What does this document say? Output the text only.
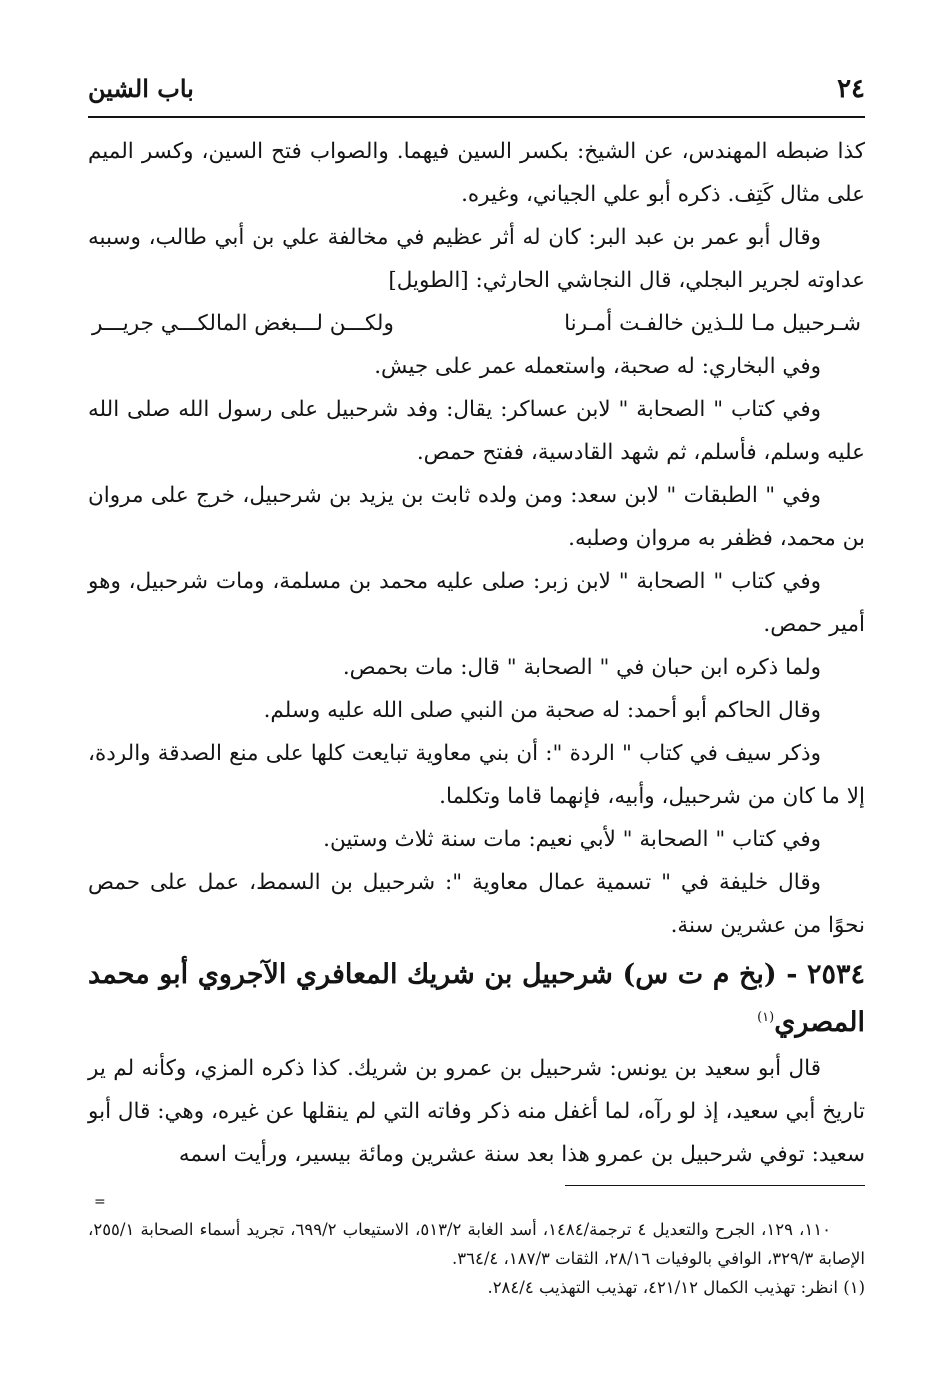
٢٤
باب الشين

كذا ضبطه المهندس، عن الشيخ: بكسر السين فيهما. والصواب فتح السين، وكسر الميم على مثال كَتِف. ذكره أبو علي الجياني، وغيره.

وقال أبو عمر بن عبد البر: كان له أثر عظيم في مخالفة علي بن أبي طالب، وسببه عداوته لجرير البجلي، قال النجاشي الحارثي: [الطويل]

شـرحبيل مـا للـذين خالفـت أمـرنا
ولكـــن لـــبغض المالكـــي جريـــر

وفي البخاري: له صحبة، واستعمله عمر على جيش.

وفي كتاب " الصحابة " لابن عساكر: يقال: وفد شرحبيل على رسول الله صلى الله عليه وسلم، فأسلم، ثم شهد القادسية، ففتح حمص.

وفي " الطبقات " لابن سعد: ومن ولده ثابت بن يزيد بن شرحبيل، خرج على مروان بن محمد، فظفر به مروان وصلبه.

وفي كتاب " الصحابة " لابن زبر: صلى عليه محمد بن مسلمة، ومات شرحبيل، وهو أمير حمص.

ولما ذكره ابن حبان في " الصحابة " قال: مات بحمص.

وقال الحاكم أبو أحمد: له صحبة من النبي صلى الله عليه وسلم.

وذكر سيف في كتاب " الردة ": أن بني معاوية تبايعت كلها على منع الصدقة والردة، إلا ما كان من شرحبيل، وأبيه، فإنهما قاما وتكلما.

وفي كتاب " الصحابة " لأبي نعيم: مات سنة ثلاث وستين.

وقال خليفة في " تسمية عمال معاوية ": شرحبيل بن السمط، عمل على حمص نحوًا من عشرين سنة.

٢٥٣٤ - (بخ م ت س) شرحبيل بن شريك المعافري الآجروي أبو محمد المصري$^{(١)}$

قال أبو سعيد بن يونس: شرحبيل بن عمرو بن شريك. كذا ذكره المزي، وكأنه لم ير تاريخ أبي سعيد، إذ لو رآه، لما أغفل منه ذكر وفاته التي لم ينقلها عن غيره، وهي: قال أبو سعيد: توفي شرحبيل بن عمرو هذا بعد سنة عشرين ومائة بيسير، ورأيت اسمه

=

١١٠، ١٢٩، الجرح والتعديل ٤ ترجمة/١٤٨٤، أسد الغابة ٥١٣/٢، الاستيعاب ٦٩٩/٢، تجريد أسماء الصحابة ٢٥٥/١، الإصابة ٣٢٩/٣، الوافي بالوفيات ٢٨/١٦، الثقات ١٨٧/٣، ٣٦٤/٤.

(١) انظر: تهذيب الكمال ٤٢١/١٢، تهذيب التهذيب ٢٨٤/٤.
